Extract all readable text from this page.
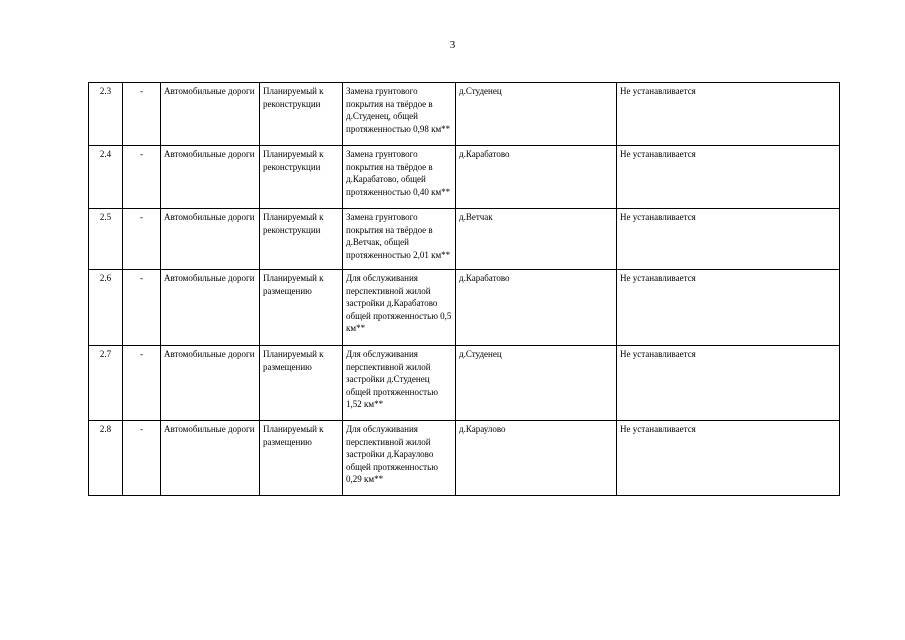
3
2.3	-	Автомобильные дороги	Планируемый к реконструкции	Замена грунтового покрытия на твёрдое в д.Студенец, общей протяженностью 0,98 км**	д.Студенец	Не устанавливается
2.4	-	Автомобильные дороги	Планируемый к реконструкции	Замена грунтового покрытия на твёрдое в д.Карабатово, общей протяженностью 0,40 км**	д.Карабатово	Не устанавливается
2.5	-	Автомобильные дороги	Планируемый к реконструкции	Замена грунтового покрытия на твёрдое в д.Ветчак, общей протяженностью 2,01 км**	д.Ветчак	Не устанавливается
2.6	-	Автомобильные дороги	Планируемый к размещению	Для обслуживания перспективной жилой застройки д.Карабатово общей протяженностью 0,5 км**	д.Карабатово	Не устанавливается
2.7	-	Автомобильные дороги	Планируемый к размещению	Для обслуживания перспективной жилой застройки д.Студенец общей протяженностью 1,52 км**	д.Студенец	Не устанавливается
2.8	-	Автомобильные дороги	Планируемый к размещению	Для обслуживания перспективной жилой застройки д.Караулово общей протяженностью 0,29 км**	д.Караулово	Не устанавливается
